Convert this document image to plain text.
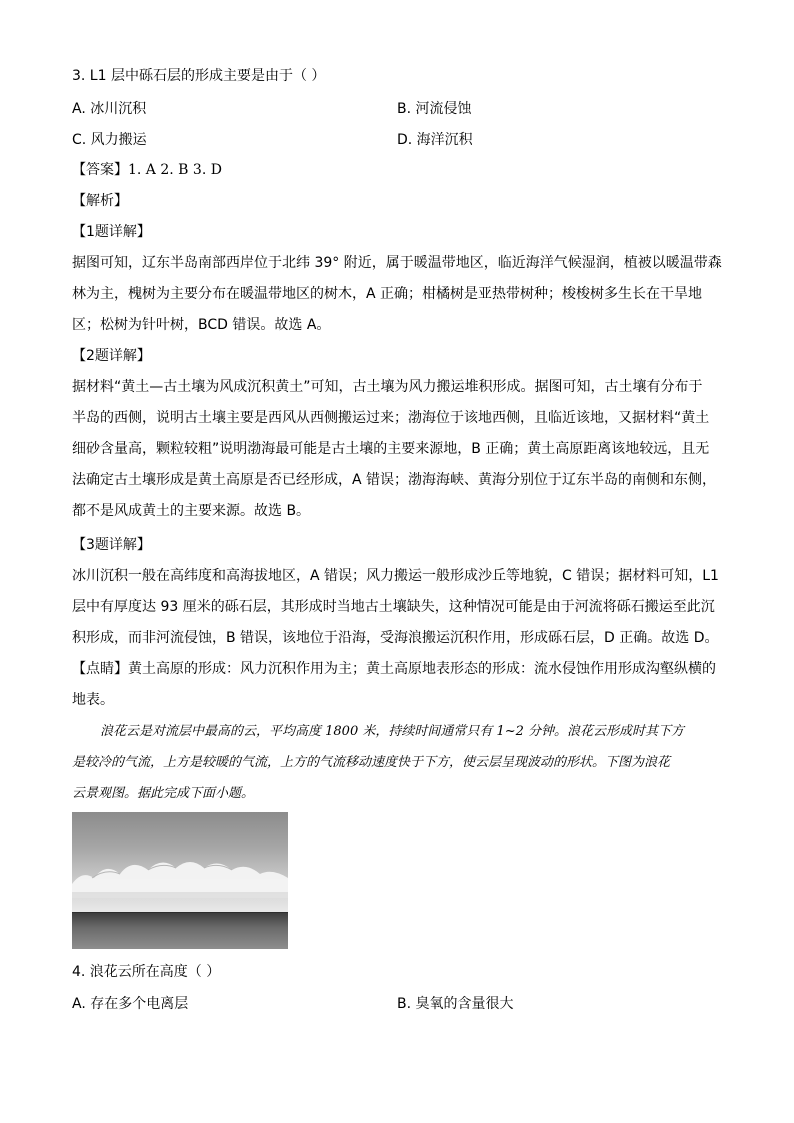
3. L1 层中砾石层的形成主要是由于（ ）
A. 冰川沉积	B. 河流侵蚀
C. 风力搬运	D. 海洋沉积
【答案】1. A 2. B 3. D
【解析】
【1题详解】
据图可知，辽东半岛南部西岸位于北纬 39° 附近，属于暖温带地区，临近海洋气候湿润，植被以暖温带森
林为主，槐树为主要分布在暖温带地区的树木，A 正确；柑橘树是亚热带树种；梭梭树多生长在干旱地
区；松树为针叶树，BCD 错误。故选 A。
【2题详解】
据材料“黄土—古土壤为风成沉积黄土”可知，古土壤为风力搬运堆积形成。据图可知，古土壤有分布于
半岛的西侧，说明古土壤主要是西风从西侧搬运过来；渤海位于该地西侧，且临近该地，又据材料“黄土
细砂含量高，颗粒较粗”说明渤海最可能是古土壤的主要来源地，B 正确；黄土高原距离该地较远，且无
法确定古土壤形成是黄土高原是否已经形成，A 错误；渤海海峡、黄海分别位于辽东半岛的南侧和东侧，
都不是风成黄土的主要来源。故选 B。
【3题详解】
冰川沉积一般在高纬度和高海拔地区，A 错误；风力搬运一般形成沙丘等地貌，C 错误；据材料可知，L1
层中有厚度达 93 厘米的砾石层，其形成时当地古土壤缺失，这种情况可能是由于河流将砾石搬运至此沉
积形成，而非河流侵蚀，B 错误，该地位于沿海，受海浪搬运沉积作用，形成砾石层，D 正确。故选 D。
【点睛】黄土高原的形成：风力沉积作用为主；黄土高原地表形态的形成：流水侵蚀作用形成沟壑纵横的
地表。
浪花云是对流层中最高的云，平均高度 1800 米，持续时间通常只有 1~2 分钟。浪花云形成时其下方
是较冷的气流，上方是较暖的气流，上方的气流移动速度快于下方，使云层呈现波动的形状。下图为浪花
云景观图。据此完成下面小题。
4. 浪花云所在高度（ ）
A. 存在多个电离层	B. 臭氧的含量很大
